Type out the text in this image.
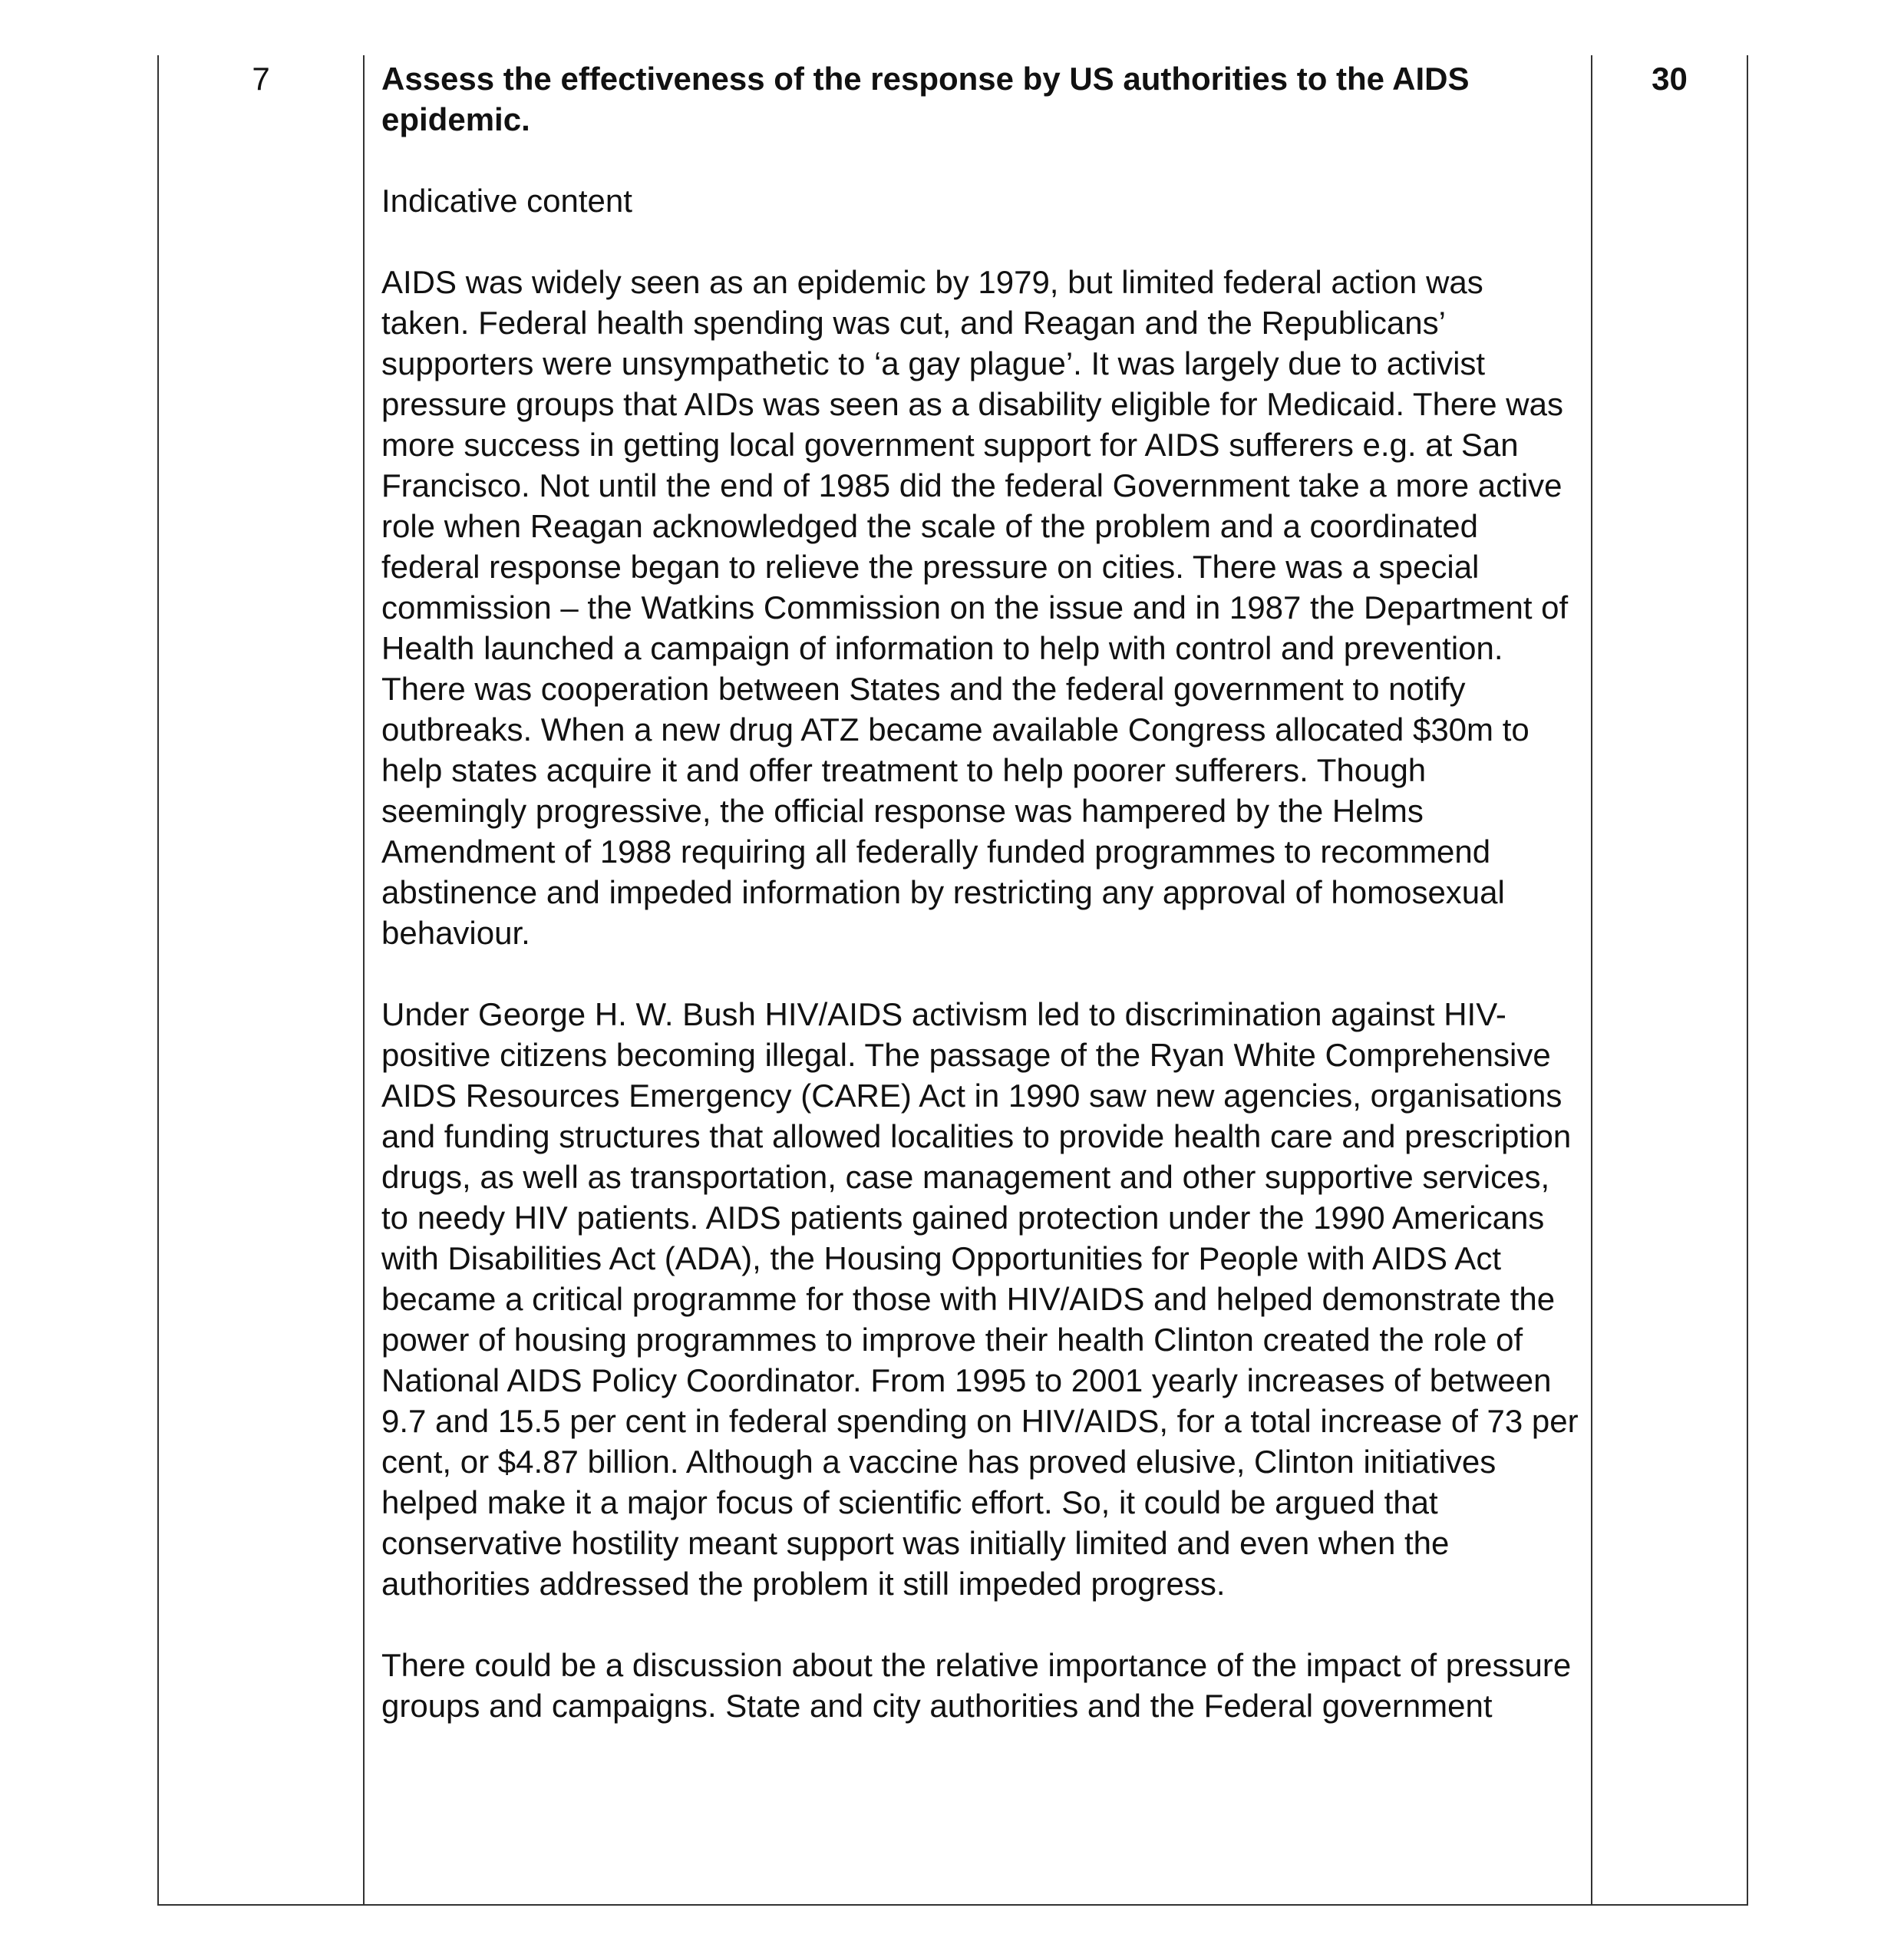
7	Assess the effectiveness of the response by US authorities to the AIDS epidemic.

Indicative content

AIDS was widely seen as an epidemic by 1979, but limited federal action was taken. Federal health spending was cut, and Reagan and the Republicans’ supporters were unsympathetic to ‘a gay plague’. It was largely due to activist pressure groups that AIDs was seen as a disability eligible for Medicaid. There was more success in getting local government support for AIDS sufferers e.g. at San Francisco. Not until the end of 1985 did the federal Government take a more active role when Reagan acknowledged the scale of the problem and a coordinated federal response began to relieve the pressure on cities. There was a special commission – the Watkins Commission on the issue and in 1987 the Department of Health launched a campaign of information to help with control and prevention. There was cooperation between States and the federal government to notify outbreaks. When a new drug ATZ became available Congress allocated $30m to help states acquire it and offer treatment to help poorer sufferers. Though seemingly progressive, the official response was hampered by the Helms Amendment of 1988 requiring all federally funded programmes to recommend abstinence and impeded information by restricting any approval of homosexual behaviour.

Under George H. W. Bush HIV/AIDS activism led to discrimination against HIV-positive citizens becoming illegal. The passage of the Ryan White Comprehensive AIDS Resources Emergency (CARE) Act in 1990 saw new agencies, organisations and funding structures that allowed localities to provide health care and prescription drugs, as well as transportation, case management and other supportive services, to needy HIV patients. AIDS patients gained protection under the 1990 Americans with Disabilities Act (ADA), the Housing Opportunities for People with AIDS Act became a critical programme for those with HIV/AIDS and helped demonstrate the power of housing programmes to improve their health Clinton created the role of National AIDS Policy Coordinator. From 1995 to 2001 yearly increases of between 9.7 and 15.5 per cent in federal spending on HIV/AIDS, for a total increase of 73 per cent, or $4.87 billion. Although a vaccine has proved elusive, Clinton initiatives helped make it a major focus of scientific effort. So, it could be argued that conservative hostility meant support was initially limited and even when the authorities addressed the problem it still impeded progress.

There could be a discussion about the relative importance of the impact of pressure groups and campaigns. State and city authorities and the Federal government

30
